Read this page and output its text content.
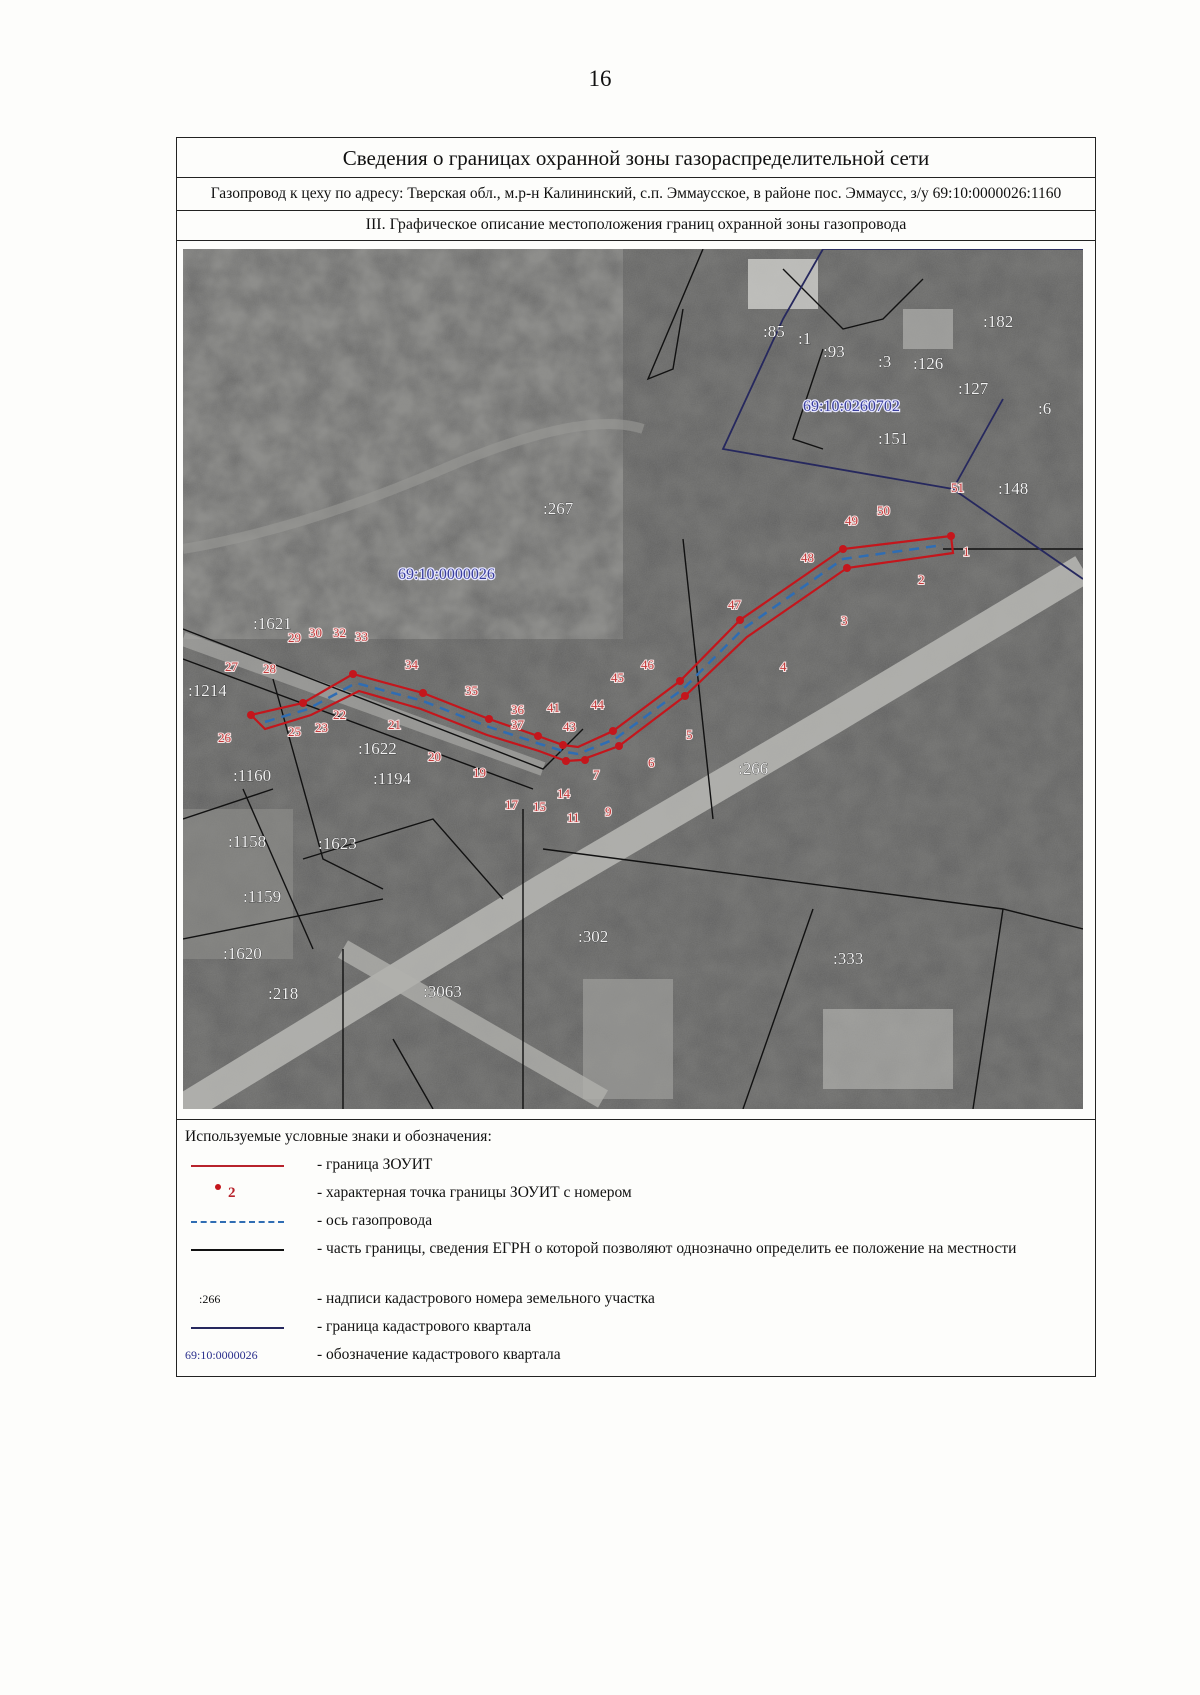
16
Сведения о границах охранной зоны газораспределительной сети
Газопровод к цеху по адресу: Тверская обл., м.р-н Калининский, с.п. Эммаусское, в районе пос. Эммаусс, з/у 69:10:0000026:1160
III. Графическое описание местоположения границ охранной зоны газопровода
:85 :1
:93
:182
:3 :126
:127
:6
:151
:148
:267
:1621
:1214
:1160
:1622
:1194
:1158	:1623
:1159
:1620
:218
:302
:333
:266
:3063
69:10:0260702
69:10:0000026
1
2
3
4
5
6
7
9
11
14
15
17
19
20
21
22
23
25
26
27 28
29 30 32 33
34
35
36
37
41
43
44
45
46
47
48
49
50
51
Используемые условные знаки и обозначения:
- граница ЗОУИТ
2	- характерная точка границы ЗОУИТ с номером
- ось газопровода
- часть границы, сведения ЕГРН о которой позволяют однозначно определить ее положение на местности
:266	- надписи кадастрового номера земельного участка
- граница кадастрового квартала
69:10:0000026	- обозначение кадастрового квартала
